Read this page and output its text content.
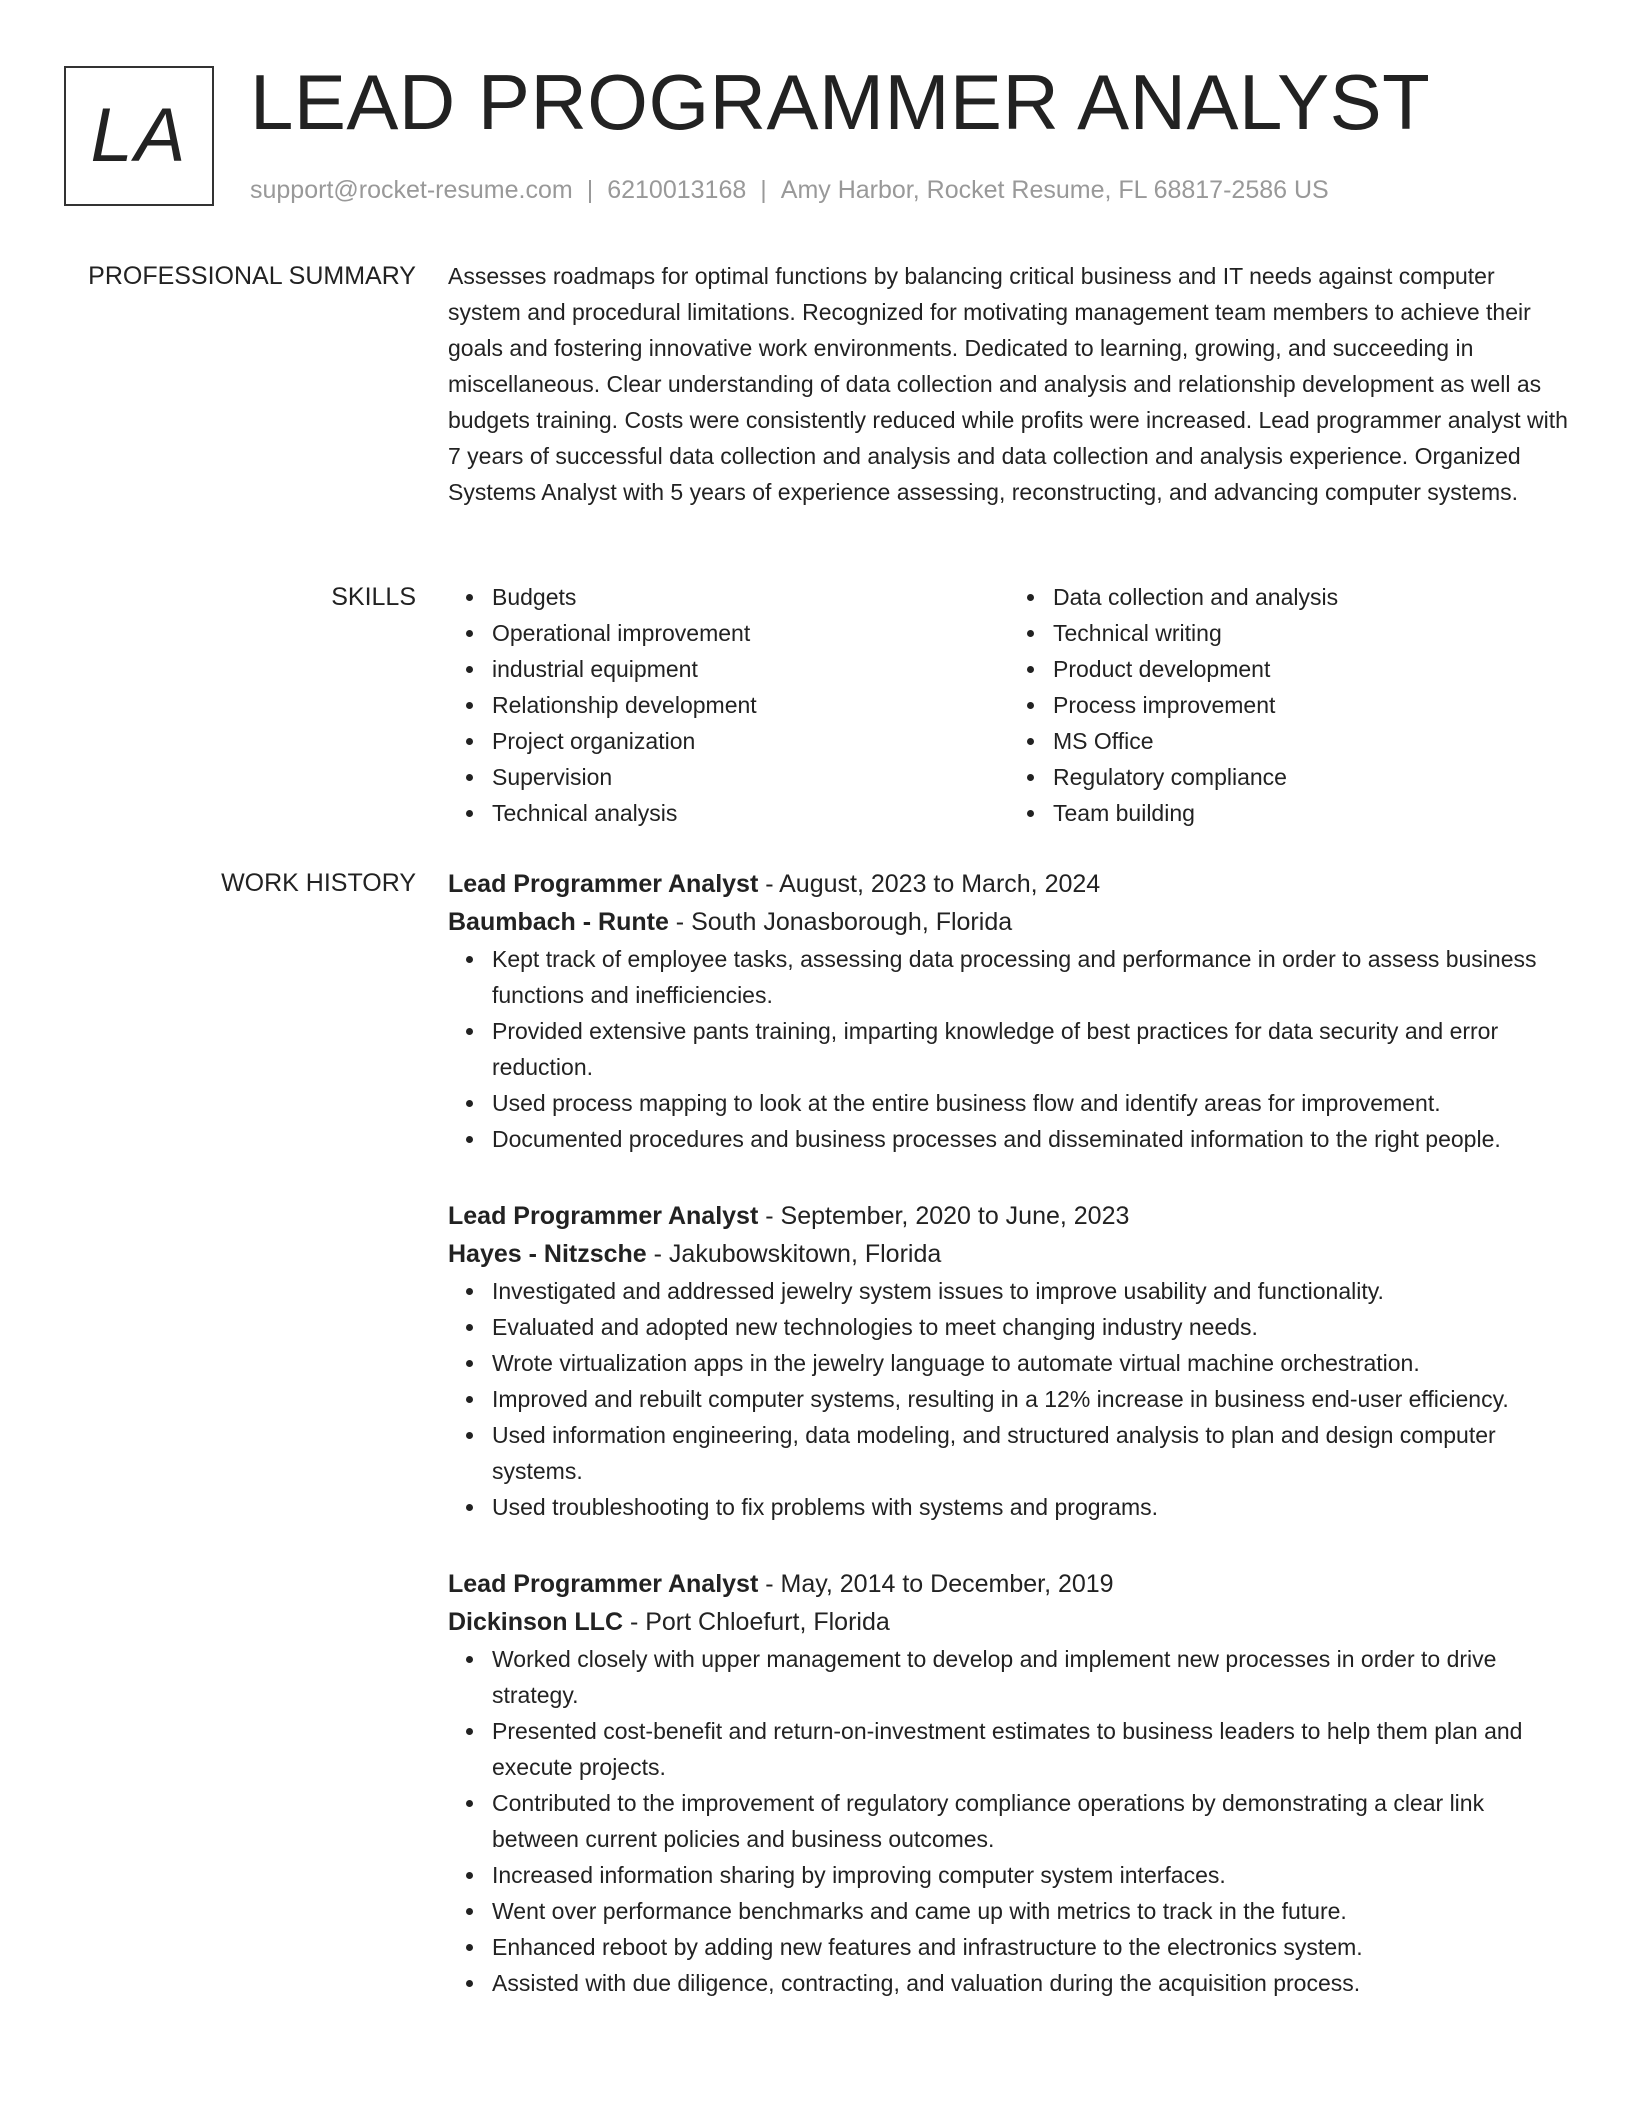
LA LEAD PROGRAMMER ANALYST
support@rocket-resume.com | 6210013168 | Amy Harbor, Rocket Resume, FL 68817-2586 US
PROFESSIONAL SUMMARY Assesses roadmaps for optimal functions by balancing critical business and IT needs against computer system and procedural limitations. Recognized for motivating management team members to achieve their goals and fostering innovative work environments. Dedicated to learning, growing, and succeeding in miscellaneous. Clear understanding of data collection and analysis and relationship development as well as budgets training. Costs were consistently reduced while profits were increased. Lead programmer analyst with 7 years of successful data collection and analysis and data collection and analysis experience. Organized Systems Analyst with 5 years of experience assessing, reconstructing, and advancing computer systems.

SKILLS	Budgets
Operational improvement
industrial equipment
Relationship development
Project organization
Supervision
Technical analysis
Data collection and analysis
Technical writing
Product development
Process improvement
MS Office
Regulatory compliance
Team building
WORK HISTORY Lead Programmer Analyst - August, 2023 to March, 2024
Baumbach - Runte - South Jonasborough, Florida
Kept track of employee tasks, assessing data processing and performance in order to assess business functions and inefficiencies.
Provided extensive pants training, imparting knowledge of best practices for data security and error reduction.
Used process mapping to look at the entire business flow and identify areas for improvement.
Documented procedures and business processes and disseminated information to the right people.
Lead Programmer Analyst - September, 2020 to June, 2023
Hayes - Nitzsche - Jakubowskitown, Florida
Investigated and addressed jewelry system issues to improve usability and functionality.
Evaluated and adopted new technologies to meet changing industry needs.
Wrote virtualization apps in the jewelry language to automate virtual machine orchestration.
Improved and rebuilt computer systems, resulting in a 12% increase in business end-user efficiency.
Used information engineering, data modeling, and structured analysis to plan and design computer systems.
Used troubleshooting to fix problems with systems and programs.
Lead Programmer Analyst - May, 2014 to December, 2019
Dickinson LLC - Port Chloefurt, Florida
Worked closely with upper management to develop and implement new processes in order to drive strategy.
Presented cost-benefit and return-on-investment estimates to business leaders to help them plan and execute projects.
Contributed to the improvement of regulatory compliance operations by demonstrating a clear link between current policies and business outcomes.
Increased information sharing by improving computer system interfaces.
Went over performance benchmarks and came up with metrics to track in the future.
Enhanced reboot by adding new features and infrastructure to the electronics system.
Assisted with due diligence, contracting, and valuation during the acquisition process.
